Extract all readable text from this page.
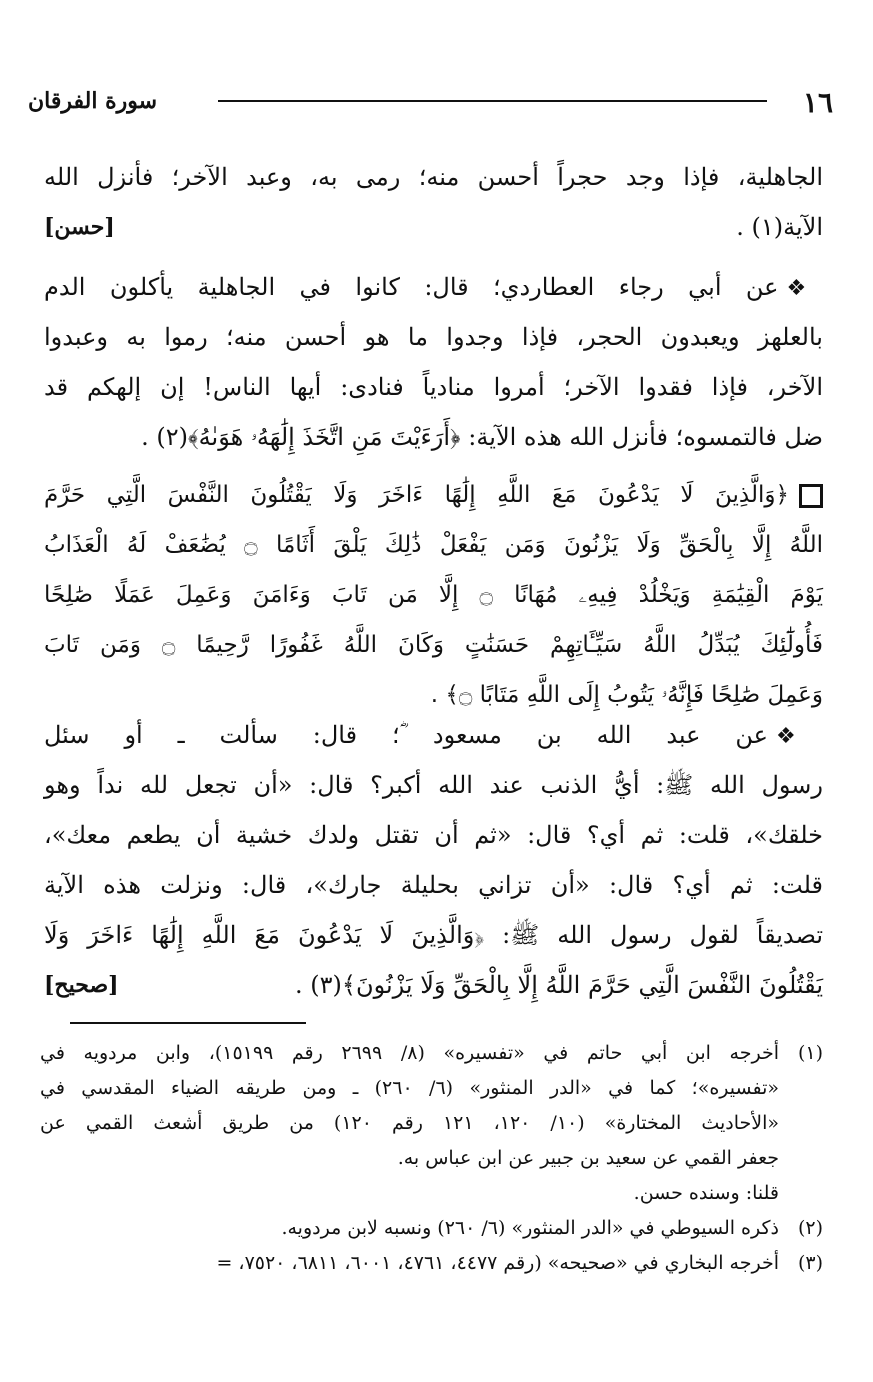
١٦
سورة الفرقان
الجاهلية، فإذا وجد حجراً أحسن منه؛ رمى به، وعبد الآخر؛ فأنزل الله
الآية(١) .
[حسن]
❖عن أبي رجاء العطاردي؛ قال: كانوا في الجاهلية يأكلون الدم
بالعلهز ويعبدون الحجر، فإذا وجدوا ما هو أحسن منه؛ رموا به وعبدوا
الآخر، فإذا فقدوا الآخر؛ أمروا منادياً فنادى: أيها الناس! إن إلهكم قد
ضل فالتمسوه؛ فأنزل الله هذه الآية: ﴿أَرَءَيْتَ مَنِ اتَّخَذَ إِلَٰهَهُۥ هَوَىٰهُ﴾(٢) .
﴿وَالَّذِينَ لَا يَدْعُونَ مَعَ اللَّهِ إِلَٰهًا ءَاخَرَ وَلَا يَقْتُلُونَ النَّفْسَ الَّتِي حَرَّمَ
اللَّهُ إِلَّا بِالْحَقِّ وَلَا يَزْنُونَ وَمَن يَفْعَلْ ذَٰلِكَ يَلْقَ أَثَامًا ۝ يُضَٰعَفْ لَهُ الْعَذَابُ
يَوْمَ الْقِيَٰمَةِ وَيَخْلُدْ فِيهِۦ مُهَانًا ۝ إِلَّا مَن تَابَ وَءَامَنَ وَعَمِلَ عَمَلًا صَٰلِحًا
فَأُولَٰٓئِكَ يُبَدِّلُ اللَّهُ سَيِّـَٔاتِهِمْ حَسَنَٰتٍ وَكَانَ اللَّهُ غَفُورًا رَّحِيمًا ۝ وَمَن تَابَ
وَعَمِلَ صَٰلِحًا فَإِنَّهُۥ يَتُوبُ إِلَى اللَّهِ مَتَابًا ۝﴾ .
❖عن عبد الله بن مسعود ؓ؛ قال: سألت ـ أو سئل
رسول الله ﷺ: أيُّ الذنب عند الله أكبر؟ قال: «أن تجعل لله نداً وهو
خلقك»، قلت: ثم أي؟ قال: «ثم أن تقتل ولدك خشية أن يطعم معك»،
قلت: ثم أي؟ قال: «أن تزاني بحليلة جارك»، قال: ونزلت هذه الآية
تصديقاً لقول رسول الله ﷺ: ﴿وَالَّذِينَ لَا يَدْعُونَ مَعَ اللَّهِ إِلَٰهًا ءَاخَرَ وَلَا
يَقْتُلُونَ النَّفْسَ الَّتِي حَرَّمَ اللَّهُ إِلَّا بِالْحَقِّ وَلَا يَزْنُونَ﴾(٣) .
[صحيح]
(١)أخرجه ابن أبي حاتم في «تفسيره» (٨/ ٢٦٩٩ رقم ١٥١٩٩)، وابن مردويه في
«تفسيره»؛ كما في «الدر المنثور» (٦/ ٢٦٠) ـ ومن طريقه الضياء المقدسي في
«الأحاديث المختارة» (١٠/ ١٢٠، ١٢١ رقم ١٢٠) من طريق أشعث القمي عن
جعفر القمي عن سعيد بن جبير عن ابن عباس به.
قلنا: وسنده حسن.
(٢)ذكره السيوطي في «الدر المنثور» (٦/ ٢٦٠) ونسبه لابن مردويه.
(٣)أخرجه البخاري في «صحيحه» (رقم ٤٤٧٧، ٤٧٦١، ٦٠٠١، ٦٨١١، ٧٥٢٠، =
